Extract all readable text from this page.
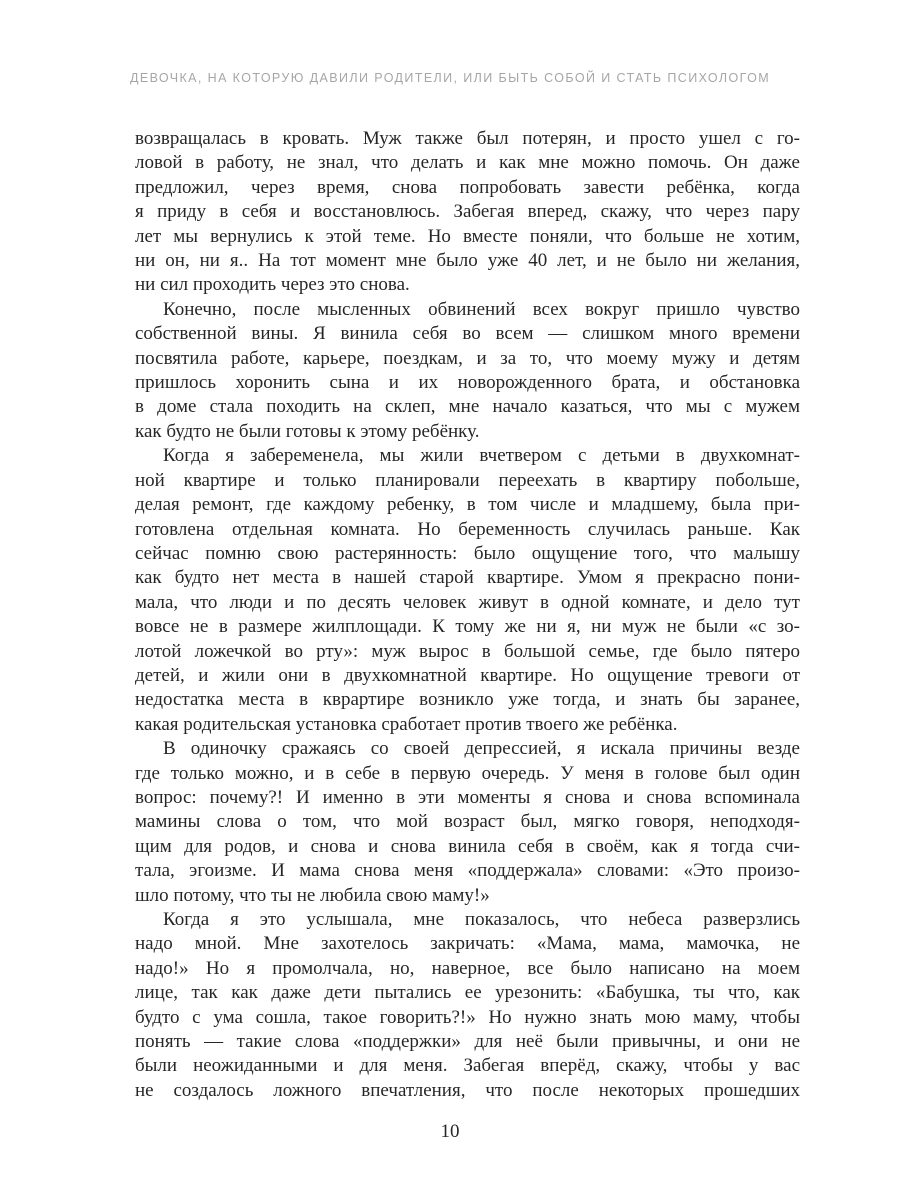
ДЕВОЧКА, НА КОТОРУЮ ДАВИЛИ РОДИТЕЛИ, ИЛИ БЫТЬ СОБОЙ И СТАТЬ ПСИХОЛОГОМ
возвращалась в кровать. Муж также был потерян, и просто ушел с го-
ловой в работу, не знал, что делать и как мне можно помочь. Он даже
предложил, через время, снова попробовать завести ребёнка, когда
я приду в себя и восстановлюсь. Забегая вперед, скажу, что через пару
лет мы вернулись к этой теме. Но вместе поняли, что больше не хотим,
ни он, ни я.. На тот момент мне было уже 40 лет, и не было ни желания,
ни сил проходить через это снова.
Конечно, после мысленных обвинений всех вокруг пришло чувство
собственной вины. Я винила себя во всем — слишком много времени
посвятила работе, карьере, поездкам, и за то, что моему мужу и детям
пришлось хоронить сына и их новорожденного брата, и обстановка
в доме стала походить на склеп, мне начало казаться, что мы с мужем
как будто не были готовы к этому ребёнку.
Когда я забеременела, мы жили вчетвером с детьми в двухкомнат-
ной квартире и только планировали переехать в квартиру побольше,
делая ремонт, где каждому ребенку, в том числе и младшему, была при-
готовлена отдельная комната. Но беременность случилась раньше. Как
сейчас помню свою растерянность: было ощущение того, что малышу
как будто нет места в нашей старой квартире. Умом я прекрасно пони-
мала, что люди и по десять человек живут в одной комнате, и дело тут
вовсе не в размере жилплощади. К тому же ни я, ни муж не были «с зо-
лотой ложечкой во рту»: муж вырос в большой семье, где было пятеро
детей, и жили они в двухкомнатной квартире. Но ощущение тревоги от
недостатка места в кврартире возникло уже тогда, и знать бы заранее,
какая родительская установка сработает против твоего же ребёнка.
В одиночку сражаясь со своей депрессией, я искала причины везде
где только можно, и в себе в первую очередь. У меня в голове был один
вопрос: почему?! И именно в эти моменты я снова и снова вспоминала
мамины слова о том, что мой возраст был, мягко говоря, неподходя-
щим для родов, и снова и снова винила себя в своём, как я тогда счи-
тала, эгоизме. И мама снова меня «поддержала» словами: «Это произо-
шло потому, что ты не любила свою маму!»
Когда я это услышала, мне показалось, что небеса разверзлись
надо мной. Мне захотелось закричать: «Мама, мама, мамочка, не
надо!» Но я промолчала, но, наверное, все было написано на моем
лице, так как даже дети пытались ее урезонить: «Бабушка, ты что, как
будто с ума сошла, такое говорить?!» Но нужно знать мою маму, чтобы
понять — такие слова «поддержки» для неё были привычны, и они не
были неожиданными и для меня. Забегая вперёд, скажу, чтобы у вас
не создалось ложного впечатления, что после некоторых прошедших
10
